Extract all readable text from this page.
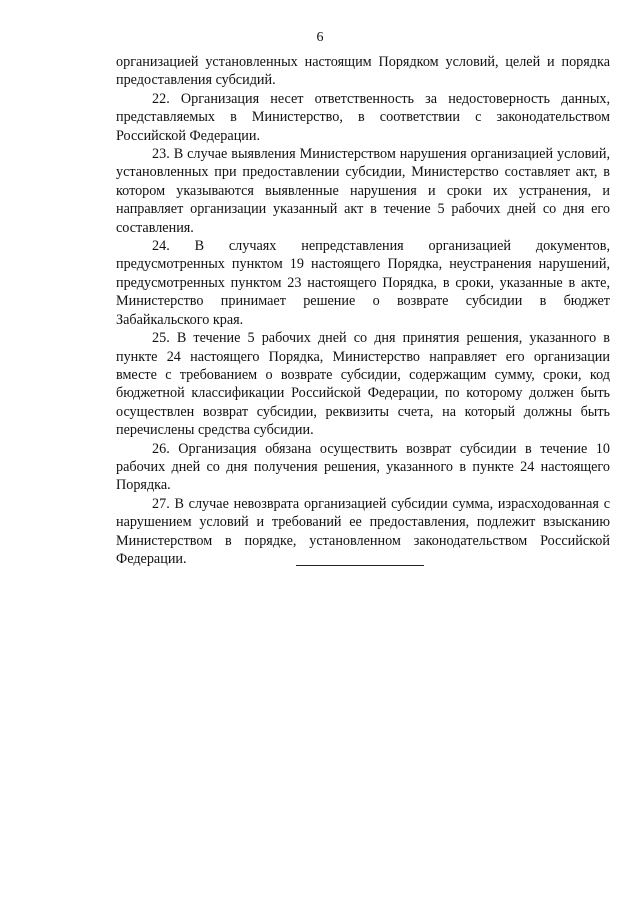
6

организацией установленных настоящим Порядком условий, целей и порядка предоставления субсидий.

22. Организация несет ответственность за недостоверность данных, представляемых в Министерство, в соответствии с законодательством Российской Федерации.

23. В случае выявления Министерством нарушения организацией условий, установленных при предоставлении субсидии, Министерство составляет акт, в котором указываются выявленные нарушения и сроки их устранения, и направляет организации указанный акт в течение 5 рабочих дней со дня его составления.

24. В случаях непредставления организацией документов, предусмотренных пунктом 19 настоящего Порядка, неустранения нарушений, предусмотренных пунктом 23 настоящего Порядка, в сроки, указанные в акте, Министерство принимает решение о возврате субсидии в бюджет Забайкальского края.

25. В течение 5 рабочих дней со дня принятия решения, указанного в пункте 24 настоящего Порядка, Министерство направляет его организации вместе с требованием о возврате субсидии, содержащим сумму, сроки, код бюджетной классификации Российской Федерации, по которому должен быть осуществлен возврат субсидии, реквизиты счета, на который должны быть перечислены средства субсидии.

26. Организация обязана осуществить возврат субсидии в течение 10 рабочих дней со дня получения решения, указанного в пункте 24 настоящего Порядка.

27. В случае невозврата организацией субсидии сумма, израсходованная с нарушением условий и требований ее предоставления, подлежит взысканию Министерством в порядке, установленном законодательством Российской Федерации.
